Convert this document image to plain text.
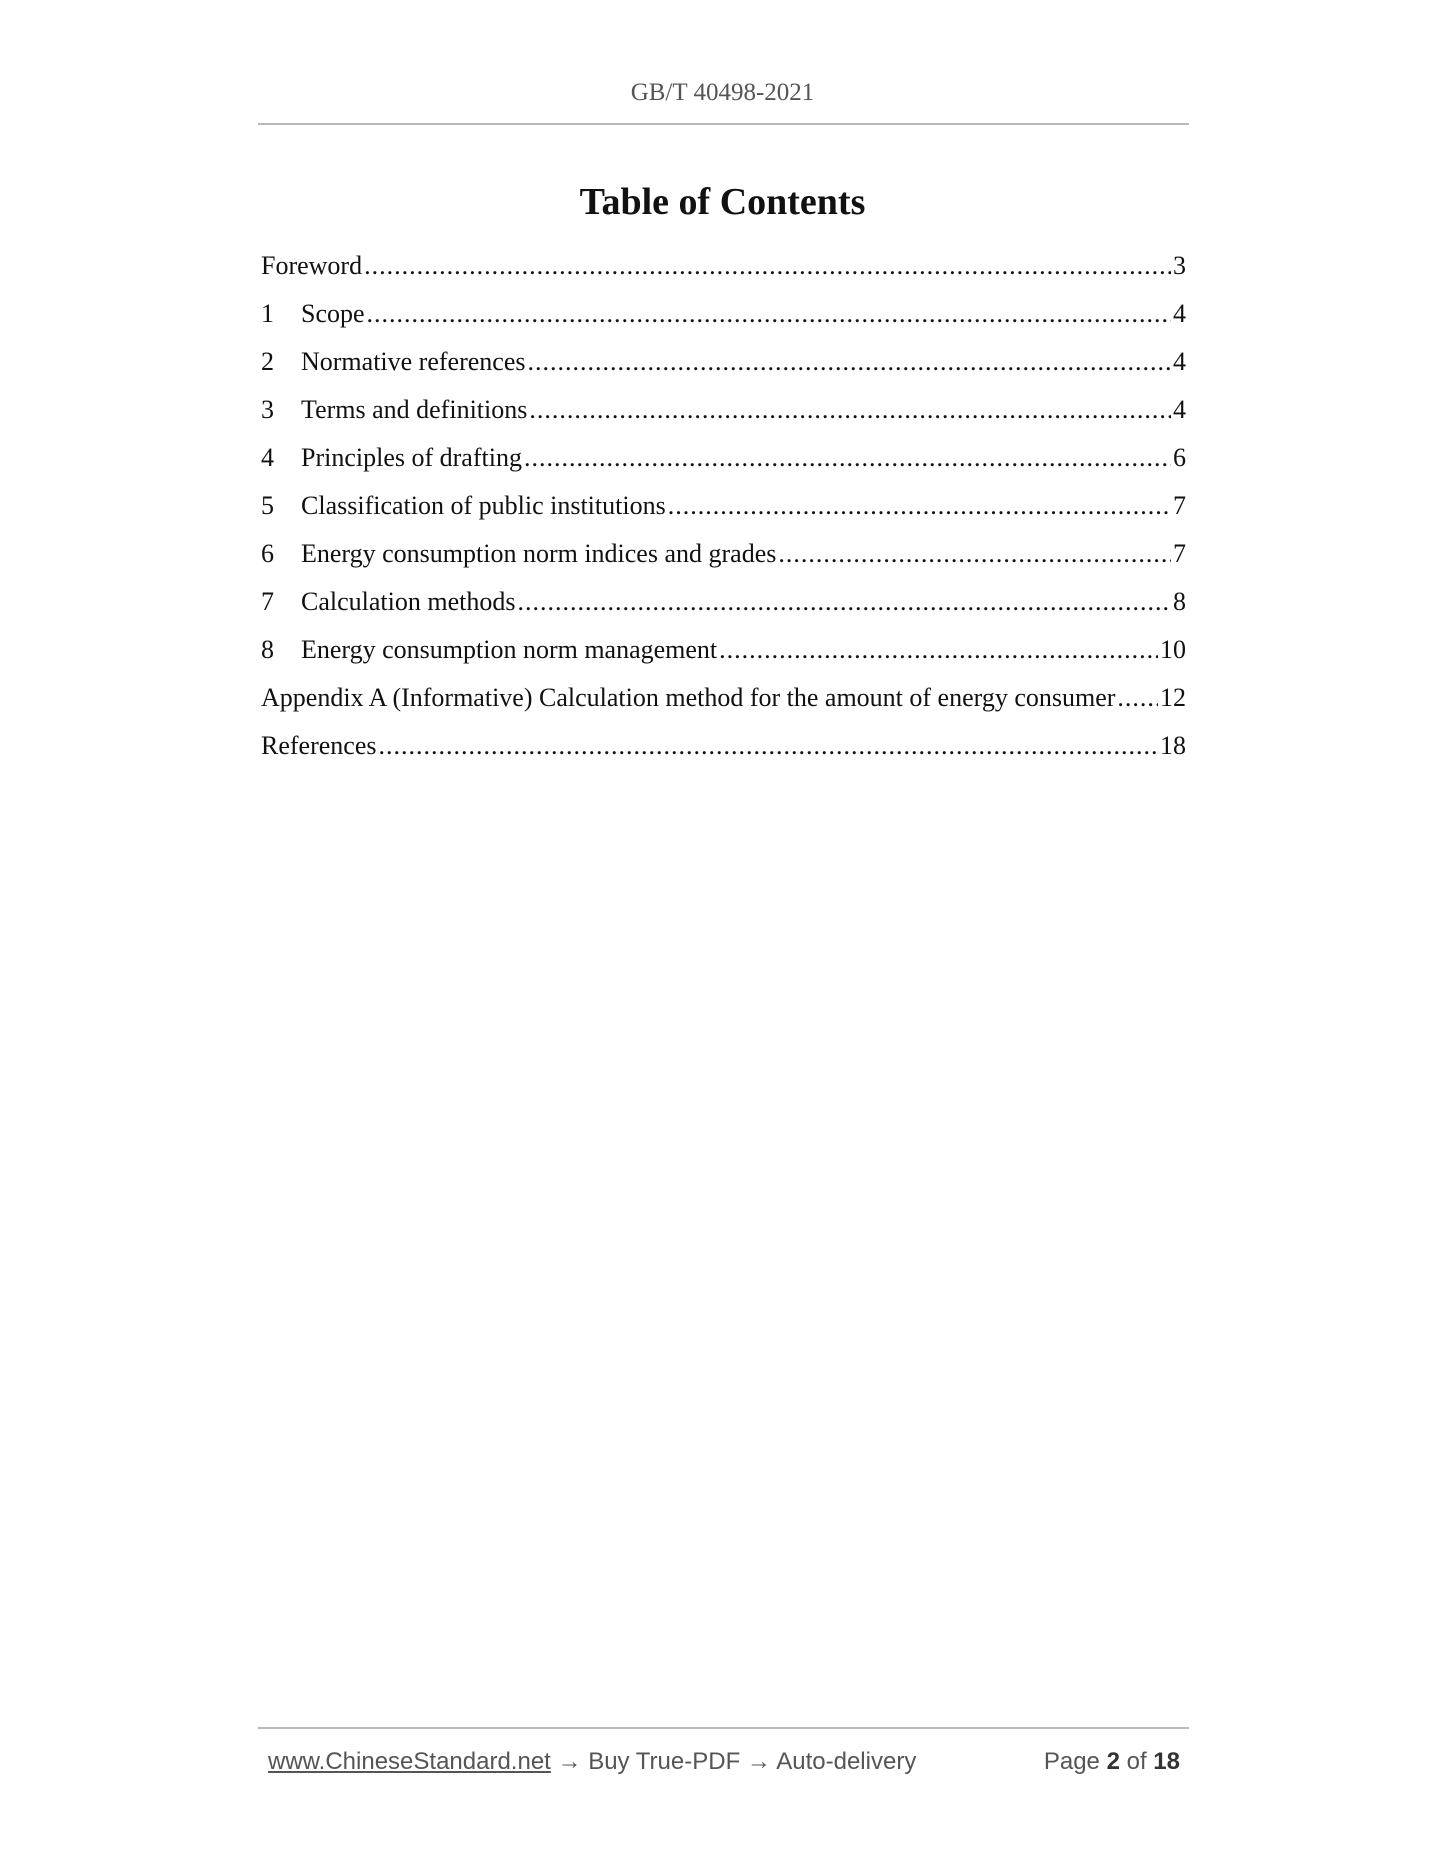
GB/T 40498-2021
Table of Contents
Foreword .....	3
1	Scope .....	4
2	Normative references .....	4
3	Terms and definitions .....	4
4	Principles of drafting .....	6
5	Classification of public institutions .....	7
6	Energy consumption norm indices and grades .....	7
7	Calculation methods .....	8
8	Energy consumption norm management .....	10
Appendix A (Informative) Calculation method for the amount of energy consumer ..... 12
References .....	18
www.ChineseStandard.net → Buy True-PDF → Auto-delivery	Page 2 of 18
